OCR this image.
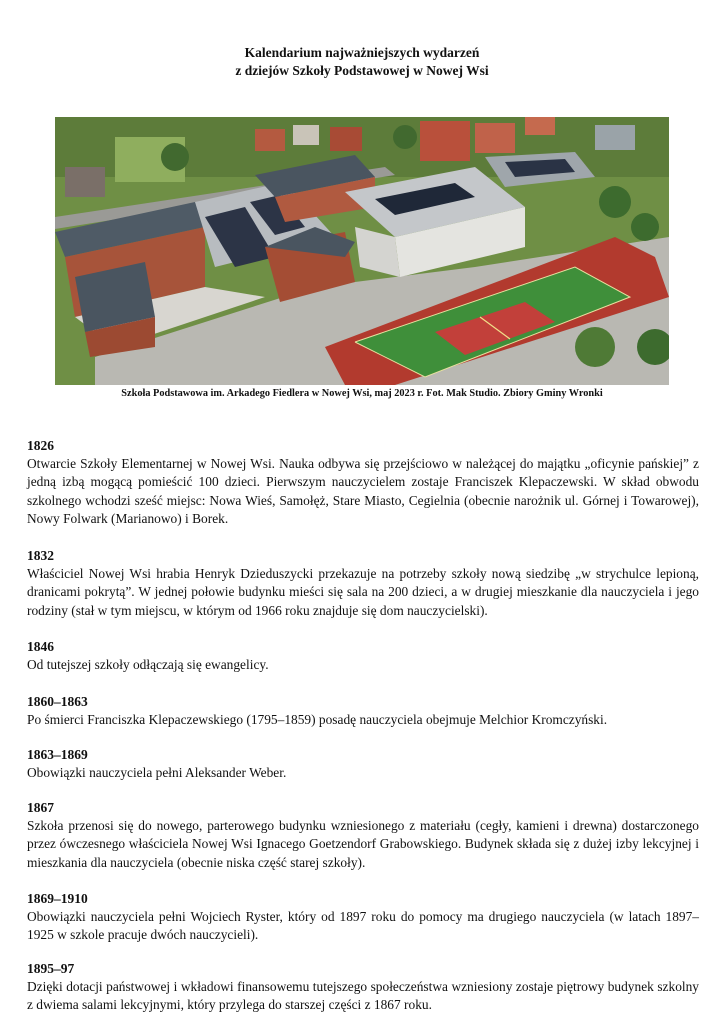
Kalendarium najważniejszych wydarzeń
z dziejów Szkoły Podstawowej w Nowej Wsi
Szkoła Podstawowa im. Arkadego Fiedlera w Nowej Wsi, maj 2023 r. Fot. Mak Studio. Zbiory Gminy Wronki
1826
Otwarcie Szkoły Elementarnej w Nowej Wsi. Nauka odbywa się przejściowo w należącej do majątku „oficynie pańskiej” z jedną izbą mogącą pomieścić 100 dzieci. Pierwszym nauczycielem zostaje Franciszek Klepaczewski. W skład obwodu szkolnego wchodzi sześć miejsc: Nowa Wieś, Samołęż, Stare Miasto, Cegielnia (obecnie narożnik ul. Górnej i Towarowej), Nowy Folwark (Marianowo) i Borek.
1832
Właściciel Nowej Wsi hrabia Henryk Dzieduszycki przekazuje na potrzeby szkoły nową siedzibę „w strychulce lepioną, dranicami pokrytą”. W jednej połowie budynku mieści się sala na 200 dzieci, a w drugiej mieszkanie dla nauczyciela i jego rodziny (stał w tym miejscu, w którym od 1966 roku znajduje się dom nauczycielski).
1846
Od tutejszej szkoły odłączają się ewangelicy.
1860–1863
Po śmierci Franciszka Klepaczewskiego (1795–1859) posadę nauczyciela obejmuje Melchior Kromczyński.
1863–1869
Obowiązki nauczyciela pełni Aleksander Weber.
1867
Szkoła przenosi się do nowego, parterowego budynku wzniesionego z materiału (cegły, kamieni i drewna) dostarczonego przez ówczesnego właściciela Nowej Wsi Ignacego Goetzendorf Grabowskiego. Budynek składa się z dużej izby lekcyjnej i mieszkania dla nauczyciela (obecnie niska część starej szkoły).
1869–1910
Obowiązki nauczyciela pełni Wojciech Ryster, który od 1897 roku do pomocy ma drugiego nauczyciela (w latach 1897–1925 w szkole pracuje dwóch nauczycieli).
1895–97
Dzięki dotacji państwowej i wkładowi finansowemu tutejszego społeczeństwa wzniesiony zostaje piętrowy budynek szkolny z dwiema salami lekcyjnymi, który przylega do starszej części z 1867 roku.
